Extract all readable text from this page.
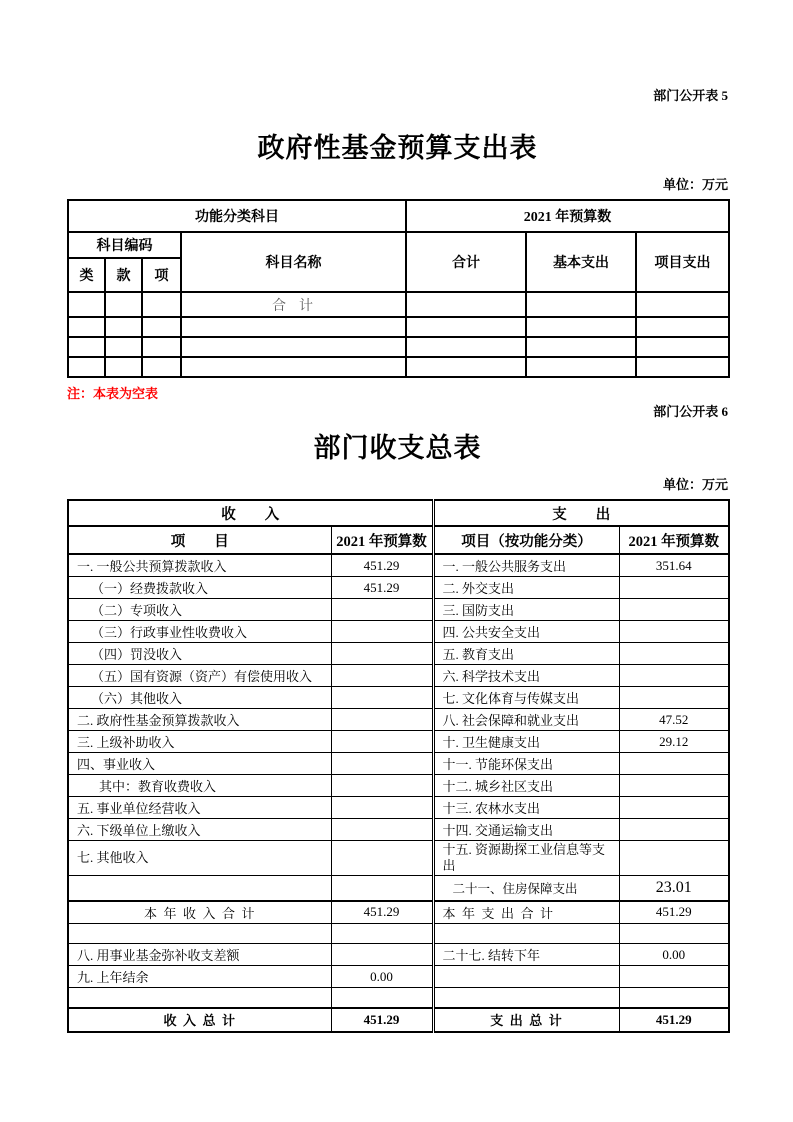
部门公开表 5
政府性基金预算支出表
单位：万元
功能分类科目				2021 年预算数		
科目编码			科目名称	合计	基本支出	项目支出
类	款	项				
			合  计			

注：本表为空表
部门公开表 6
部门收支总表
单位：万元
收        入		支        出	
项        目	2021 年预算数	项目（按功能分类）	2021 年预算数
一. 一般公共预算拨款收入	451.29	一. 一般公共服务支出	351.64
（一）经费拨款收入	451.29	二. 外交支出	
（二）专项收入		三. 国防支出	
（三）行政事业性收费收入		四. 公共安全支出	
（四）罚没收入		五. 教育支出	
（五）国有资源（资产）有偿使用收入		六. 科学技术支出	
（六）其他收入		七. 文化体育与传媒支出	
二. 政府性基金预算拨款收入		八. 社会保障和就业支出	47.52
三. 上级补助收入		十. 卫生健康支出	29.12
四、事业收入		十一. 节能环保支出	
其中：教育收费收入		十二. 城乡社区支出	
五. 事业单位经营收入		十三. 农林水支出	
六. 下级单位上缴收入		十四. 交通运输支出	
七. 其他收入		十五. 资源勘探工业信息等支出	
		二十一、住房保障支出	23.01
本  年  收  入  合  计	451.29	本  年  支  出  合  计	451.29

八. 用事业基金弥补收支差额		二十七. 结转下年	0.00
九. 上年结余	0.00		

收  入  总  计	451.29	支  出  总  计	451.29
